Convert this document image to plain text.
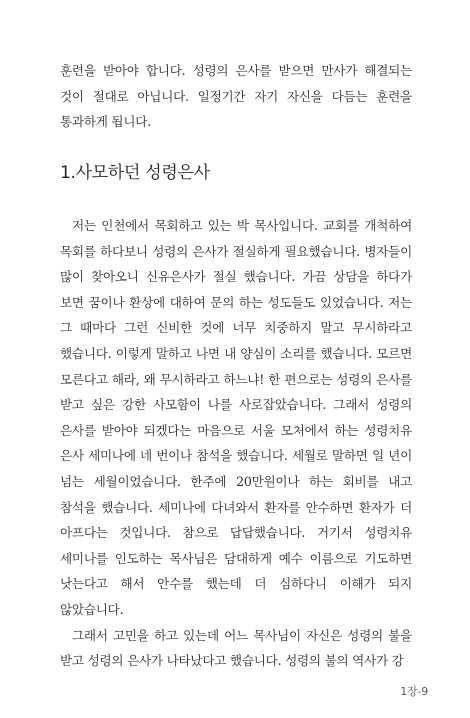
훈련을 받아야 합니다. 성령의 은사를 받으면 만사가 해결되는 것이 절대로 아닙니다. 일정기간 자기 자신을 다듬는 훈련을 통과하게 됩니다.

1.사모하던 성령은사

저는 인천에서 목회하고 있는 박 목사입니다. 교회를 개척하여 목회를 하다보니 성령의 은사가 절실하게 필요했습니다. 병자들이 많이 찾아오니 신유은사가 절실 했습니다. 가끔 상담을 하다가 보면 꿈이나 환상에 대하여 문의 하는 성도들도 있었습니다. 저는 그 때마다 그런 신비한 것에 너무 치중하지 말고 무시하라고 했습니다. 이렇게 말하고 나면 내 양심이 소리를 했습니다. 모르면 모른다고 해라, 왜 무시하라고 하느냐! 한 편으로는 성령의 은사를 받고 싶은 강한 사모함이 나를 사로잡았습니다. 그래서 성령의 은사를 받아야 되겠다는 마음으로 서울 모처에서 하는 성령치유 은사 세미나에 네 번이나 참석을 했습니다. 세월로 말하면 일 년이 넘는 세월이었습니다. 한주에 20만원이나 하는 회비를 내고 참석을 했습니다. 세미나에 다녀와서 환자를 안수하면 환자가 더 아프다는 것입니다. 참으로 답답했습니다. 거기서 성령치유 세미나를 인도하는 목사님은 담대하게 예수 이름으로 기도하면 낫는다고 해서 안수를 했는데 더 심하다니 이해가 되지 않았습니다.

그래서 고민을 하고 있는데 어느 목사님이 자신은 성령의 불을 받고 성령의 은사가 나타났다고 했습니다. 성령의 불의 역사가 강

1장-9
